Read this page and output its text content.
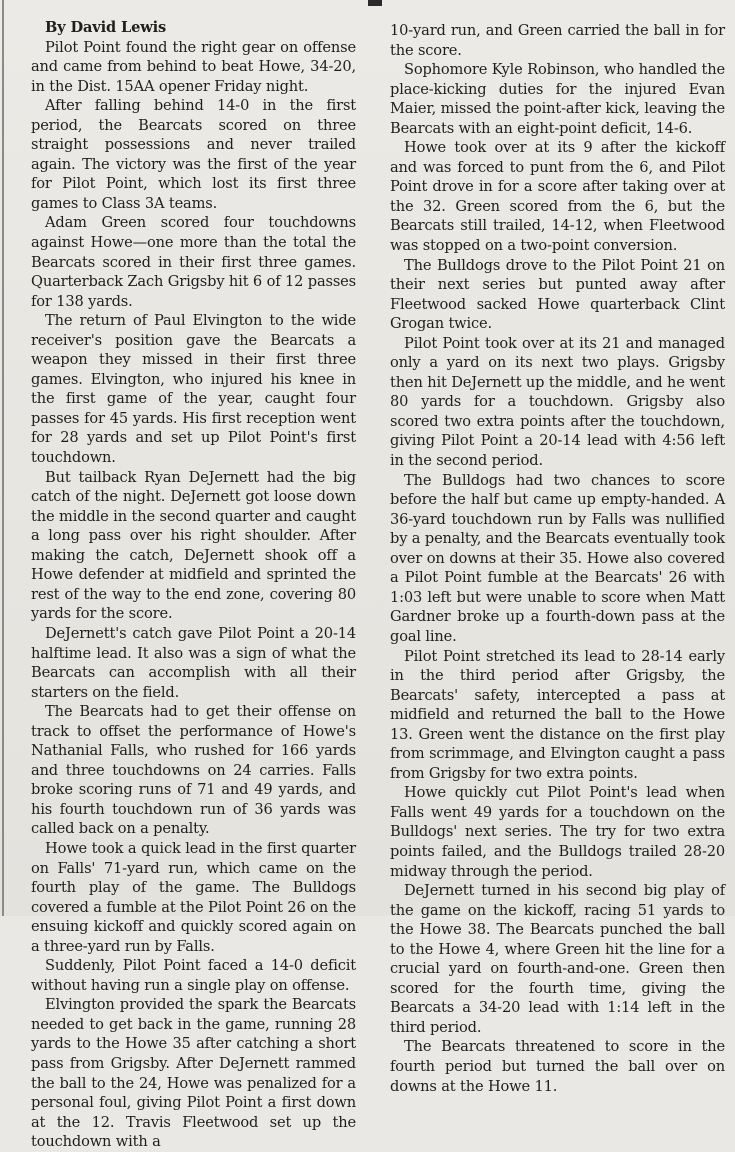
By David Lewis

Pilot Point found the right gear on offense and came from behind to beat Howe, 34-20, in the Dist. 15AA opener Friday night.

After falling behind 14-0 in the first period, the Bearcats scored on three straight possessions and never trailed again. The victory was the first of the year for Pilot Point, which lost its first three games to Class 3A teams.

Adam Green scored four touchdowns against Howe—one more than the total the Bearcats scored in their first three games. Quarterback Zach Grigsby hit 6 of 12 passes for 138 yards.

The return of Paul Elvington to the wide receiver's position gave the Bearcats a weapon they missed in their first three games. Elvington, who injured his knee in the first game of the year, caught four passes for 45 yards. His first reception went for 28 yards and set up Pilot Point's first touchdown.

But tailback Ryan DeJernett had the big catch of the night. DeJernett got loose down the middle in the second quarter and caught a long pass over his right shoulder. After making the catch, DeJernett shook off a Howe defender at midfield and sprinted the rest of the way to the end zone, covering 80 yards for the score.

DeJernett's catch gave Pilot Point a 20-14 halftime lead. It also was a sign of what the Bearcats can accomplish with all their starters on the field.

The Bearcats had to get their offense on track to offset the performance of Howe's Nathanial Falls, who rushed for 166 yards and three touchdowns on 24 carries. Falls broke scoring runs of 71 and 49 yards, and his fourth touchdown run of 36 yards was called back on a penalty.

Howe took a quick lead in the first quarter on Falls' 71-yard run, which came on the fourth play of the game. The Bulldogs covered a fumble at the Pilot Point 26 on the ensuing kickoff and quickly scored again on a three-yard run by Falls.

Suddenly, Pilot Point faced a 14-0 deficit without having run a single play on offense.

Elvington provided the spark the Bearcats needed to get back in the game, running 28 yards to the Howe 35 after catching a short pass from Grigsby. After DeJernett rammed the ball to the 24, Howe was penalized for a personal foul, giving Pilot Point a first down at the 12. Travis Fleetwood set up the touchdown with a

10-yard run, and Green carried the ball in for the score.

Sophomore Kyle Robinson, who handled the place-kicking duties for the injured Evan Maier, missed the point-after kick, leaving the Bearcats with an eight-point deficit, 14-6.

Howe took over at its 9 after the kickoff and was forced to punt from the 6, and Pilot Point drove in for a score after taking over at the 32. Green scored from the 6, but the Bearcats still trailed, 14-12, when Fleetwood was stopped on a two-point conversion.

The Bulldogs drove to the Pilot Point 21 on their next series but punted away after Fleetwood sacked Howe quarterback Clint Grogan twice.

Pilot Point took over at its 21 and managed only a yard on its next two plays. Grigsby then hit DeJernett up the middle, and he went 80 yards for a touchdown. Grigsby also scored two extra points after the touchdown, giving Pilot Point a 20-14 lead with 4:56 left in the second period.

The Bulldogs had two chances to score before the half but came up empty-handed. A 36-yard touchdown run by Falls was nullified by a penalty, and the Bearcats eventually took over on downs at their 35. Howe also covered a Pilot Point fumble at the Bearcats' 26 with 1:03 left but were unable to score when Matt Gardner broke up a fourth-down pass at the goal line.

Pilot Point stretched its lead to 28-14 early in the third period after Grigsby, the Bearcats' safety, intercepted a pass at midfield and returned the ball to the Howe 13. Green went the distance on the first play from scrimmage, and Elvington caught a pass from Grigsby for two extra points.

Howe quickly cut Pilot Point's lead when Falls went 49 yards for a touchdown on the Bulldogs' next series. The try for two extra points failed, and the Bulldogs trailed 28-20 midway through the period.

DeJernett turned in his second big play of the game on the kickoff, racing 51 yards to the Howe 38. The Bearcats punched the ball to the Howe 4, where Green hit the line for a crucial yard on fourth-and-one. Green then scored for the fourth time, giving the Bearcats a 34-20 lead with 1:14 left in the third period.

The Bearcats threatened to score in the fourth period but turned the ball over on downs at the Howe 11.
